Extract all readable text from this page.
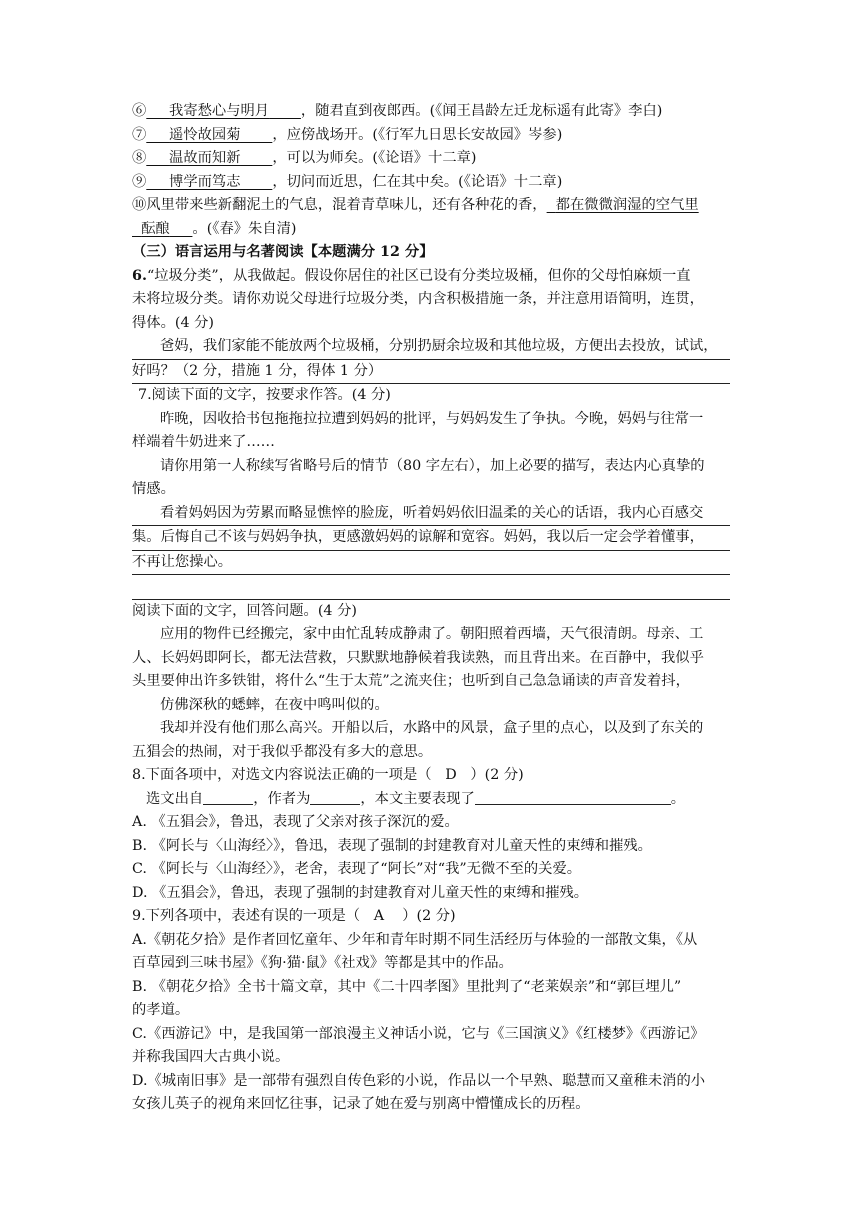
⑥ 我寄愁心与明月 ，随君直到夜郎西。(《闻王昌龄左迁龙标遥有此寄》李白)
⑦ 遥怜故园菊 ，应傍战场开。(《行军九日思长安故园》岑参)
⑧ 温故而知新 ，可以为师矣。(《论语》十二章)
⑨ 博学而笃志 ，切问而近思，仁在其中矣。(《论语》十二章)
⑩风里带来些新翻泥土的气息，混着青草味儿，还有各种花的香， 都在微微润湿的空气里
酝酿 。(《春》朱自清)
（三）语言运用与名著阅读【本题满分 12 分】
6.“垃圾分类”，从我做起。假设你居住的社区已设有分类垃圾桶，但你的父母怕麻烦一直
未将垃圾分类。请你劝说父母进行垃圾分类，内含积极措施一条，并注意用语简明，连贯，
得体。(4 分)
爸妈，我们家能不能放两个垃圾桶，分别扔厨余垃圾和其他垃圾，方便出去投放，试试，
好吗？（2 分，措施 1 分，得体 1 分）
7.阅读下面的文字，按要求作答。(4 分)
昨晚，因收拾书包拖拖拉拉遭到妈妈的批评，与妈妈发生了争执。今晚，妈妈与往常一
样端着牛奶进来了……
请你用第一人称续写省略号后的情节（80 字左右），加上必要的描写，表达内心真挚的
情感。
看着妈妈因为劳累而略显憔悴的脸庞，听着妈妈依旧温柔的关心的话语，我内心百感交
集。后悔自己不该与妈妈争执，更感激妈妈的谅解和宽容。妈妈，我以后一定会学着懂事，
不再让您操心。
阅读下面的文字，回答问题。(4 分)
应用的物件已经搬完，家中由忙乱转成静肃了。朝阳照着西墙，天气很清朗。母亲、工
人、长妈妈即阿长，都无法营救，只默默地静候着我读熟，而且背出来。在百静中，我似乎
头里要伸出许多铁钳，将什么“生于太荒”之流夹住；也听到自己急急诵读的声音发着抖，
仿佛深秋的蟋蟀，在夜中鸣叫似的。
我却并没有他们那么高兴。开船以后，水路中的风景，盒子里的点心，以及到了东关的
五猖会的热闹，对于我似乎都没有多大的意思。
8.下面各项中，对选文内容说法正确的一项是（ D ）(2 分)
选文出自	，作者为	，本文主要表现了	。
A. 《五猖会》，鲁迅，表现了父亲对孩子深沉的爱。
B. 《阿长与〈山海经〉》，鲁迅，表现了强制的封建教育对儿童天性的束缚和摧残。
C. 《阿长与〈山海经〉》，老舍，表现了“阿长”对“我”无微不至的关爱。
D. 《五猖会》，鲁迅，表现了强制的封建教育对儿童天性的束缚和摧残。
9.下列各项中，表述有误的一项是（ A ）(2 分)
A.《朝花夕拾》是作者回忆童年、少年和青年时期不同生活经历与体验的一部散文集，《从
百草园到三味书屋》《狗·猫·鼠》《社戏》等都是其中的作品。
B. 《朝花夕拾》全书十篇文章，其中《二十四孝图》里批判了“老莱娱亲”和“郭巨埋儿”
的孝道。
C.《西游记》中，是我国第一部浪漫主义神话小说，它与《三国演义》《红楼梦》《西游记》
并称我国四大古典小说。
D.《城南旧事》是一部带有强烈自传色彩的小说，作品以一个早熟、聪慧而又童稚未消的小
女孩儿英子的视角来回忆往事，记录了她在爱与别离中懵懂成长的历程。
